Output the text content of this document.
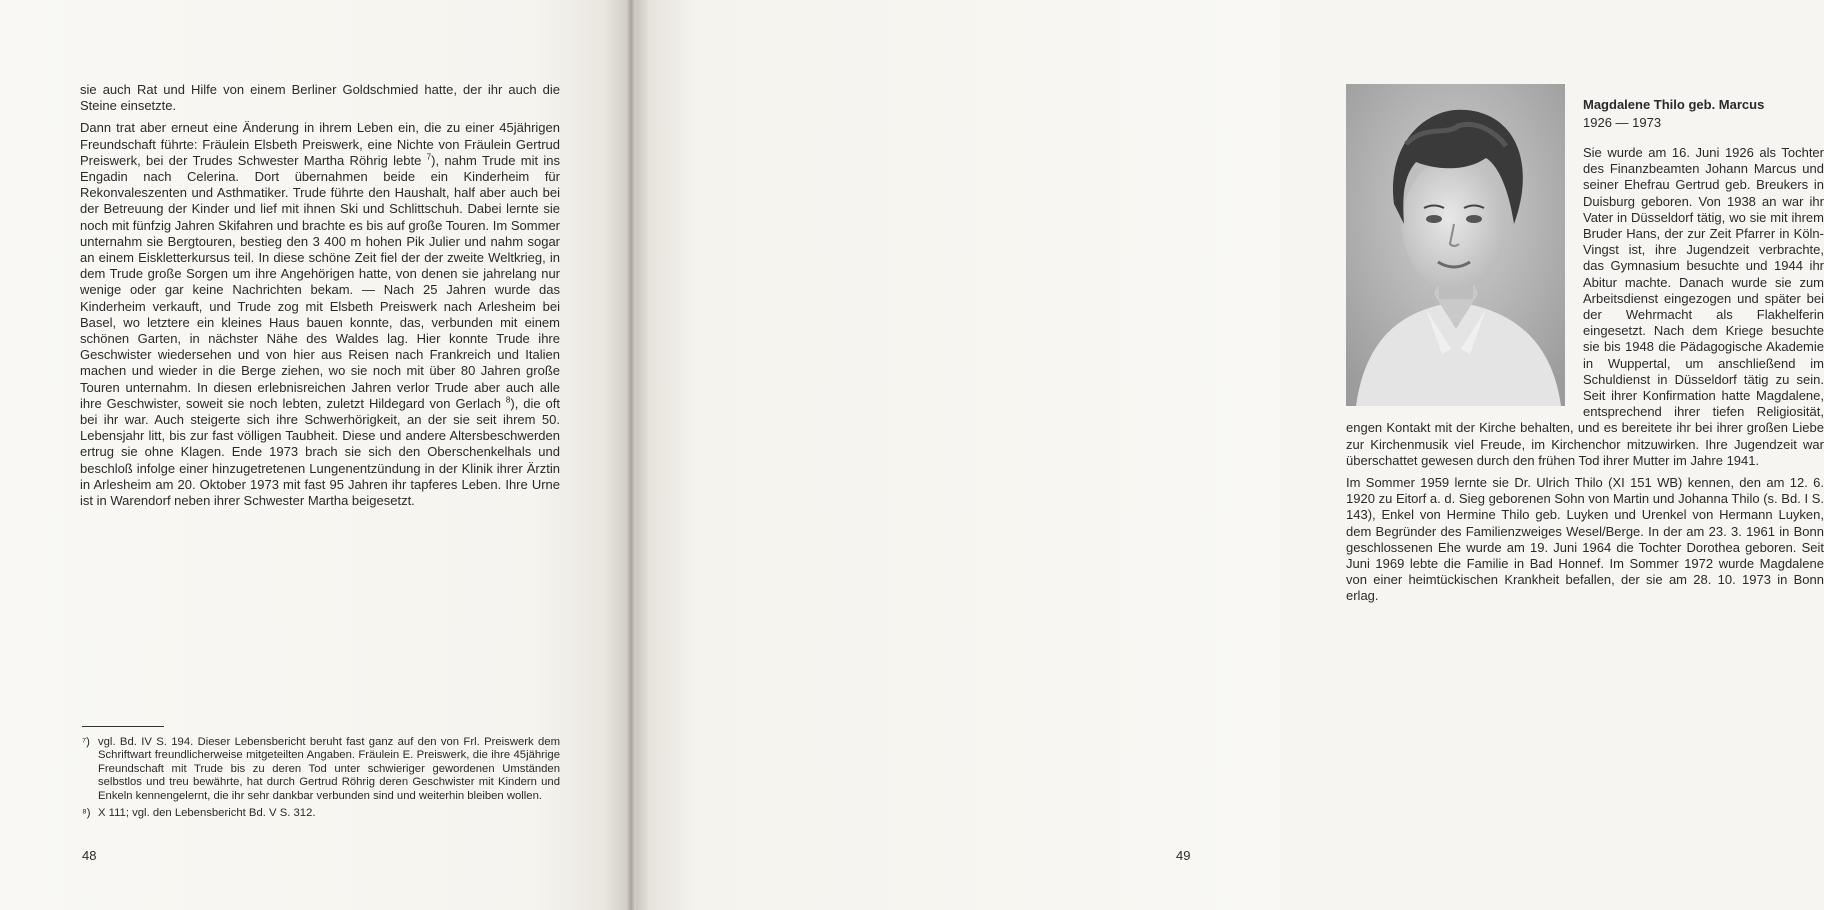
sie auch Rat und Hilfe von einem Berliner Goldschmied hatte, der ihr auch die Steine einsetzte.

Dann trat aber erneut eine Änderung in ihrem Leben ein, die zu einer 45jährigen Freundschaft führte: Fräulein Elsbeth Preiswerk, eine Nichte von Fräulein Gertrud Preiswerk, bei der Trudes Schwester Martha Röhrig lebte $^7$), nahm Trude mit ins Engadin nach Celerina. Dort übernahmen beide ein Kinderheim für Rekonvaleszenten und Asthmatiker. Trude führte den Haushalt, half aber auch bei der Betreuung der Kinder und lief mit ihnen Ski und Schlittschuh. Dabei lernte sie noch mit fünfzig Jahren Skifahren und brachte es bis auf große Touren. Im Sommer unternahm sie Bergtouren, bestieg den 3 400 m hohen Pik Julier und nahm sogar an einem Eiskletterkursus teil. In diese schöne Zeit fiel der der zweite Weltkrieg, in dem Trude große Sorgen um ihre Angehörigen hatte, von denen sie jahrelang nur wenige oder gar keine Nachrichten bekam. — Nach 25 Jahren wurde das Kinderheim verkauft, und Trude zog mit Elsbeth Preiswerk nach Arlesheim bei Basel, wo letztere ein kleines Haus bauen konnte, das, verbunden mit einem schönen Garten, in nächster Nähe des Waldes lag. Hier konnte Trude ihre Geschwister wiedersehen und von hier aus Reisen nach Frankreich und Italien machen und wieder in die Berge ziehen, wo sie noch mit über 80 Jahren große Touren unternahm. In diesen erlebnisreichen Jahren verlor Trude aber auch alle ihre Geschwister, soweit sie noch lebten, zuletzt Hildegard von Gerlach $^8$), die oft bei ihr war. Auch steigerte sich ihre Schwerhörigkeit, an der sie seit ihrem 50. Lebensjahr litt, bis zur fast völligen Taubheit. Diese und andere Altersbeschwerden ertrug sie ohne Klagen. Ende 1973 brach sie sich den Oberschenkelhals und beschloß infolge einer hinzugetretenen Lungenentzündung in der Klinik ihrer Ärztin in Arlesheim am 20. Oktober 1973 mit fast 95 Jahren ihr tapferes Leben. Ihre Urne ist in Warendorf neben ihrer Schwester Martha beigesetzt.

⁷) vgl. Bd. IV S. 194. Dieser Lebensbericht beruht fast ganz auf den von Frl. Preiswerk dem Schriftwart freundlicherweise mitgeteilten Angaben. Fräulein E. Preiswerk, die ihre 45jährige Freundschaft mit Trude bis zu deren Tod unter schwieriger gewordenen Umständen selbstlos und treu bewährte, hat durch Gertrud Röhrig deren Geschwister mit Kindern und Enkeln kennengelernt, die ihr sehr dankbar verbunden sind und weiterhin bleiben wollen.
⁸) X 111; vgl. den Lebensbericht Bd. V S. 312.
48
Magdalene Thilo geb. Marcus
1926 — 1973

Sie wurde am 16. Juni 1926 als Tochter des Finanzbeamten Johann Marcus und seiner Ehefrau Gertrud geb. Breukers in Duisburg geboren. Von 1938 an war ihr Vater in Düsseldorf tätig, wo sie mit ihrem Bruder Hans, der zur Zeit Pfarrer in Köln-Vingst ist, ihre Jugendzeit verbrachte, das Gymnasium besuchte und 1944 ihr Abitur machte. Danach wurde sie zum Arbeitsdienst eingezogen und später bei der Wehrmacht als Flakhelferin eingesetzt. Nach dem Kriege besuchte sie bis 1948 die Pädagogische Akademie in Wuppertal, um anschließend im Schuldienst in Düsseldorf tätig zu sein. Seit ihrer Konfirmation hatte Magdalene, entsprechend ihrer tiefen Religiosität, engen Kontakt mit der Kirche behalten, und es bereitete ihr bei ihrer großen Liebe zur Kirchenmusik viel Freude, im Kirchenchor mitzuwirken. Ihre Jugendzeit war überschattet gewesen durch den frühen Tod ihrer Mutter im Jahre 1941.

Im Sommer 1959 lernte sie Dr. Ulrich Thilo (XI 151 WB) kennen, den am 12. 6. 1920 zu Eitorf a. d. Sieg geborenen Sohn von Martin und Johanna Thilo (s. Bd. I S. 143), Enkel von Hermine Thilo geb. Luyken und Urenkel von Hermann Luyken, dem Begründer des Familienzweiges Wesel/Berge. In der am 23. 3. 1961 in Bonn geschlossenen Ehe wurde am 19. Juni 1964 die Tochter Dorothea geboren. Seit Juni 1969 lebte die Familie in Bad Honnef. Im Sommer 1972 wurde Magdalene von einer heimtückischen Krankheit befallen, der sie am 28. 10. 1973 in Bonn erlag.

49
